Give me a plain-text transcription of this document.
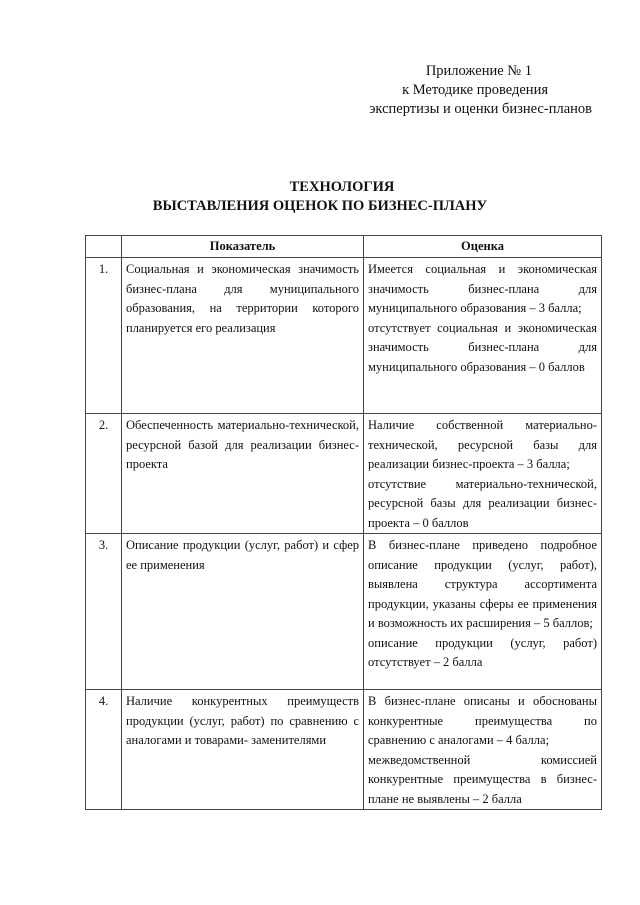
Приложение № 1
к Методике проведения
экспертизы и оценки бизнес-планов
ТЕХНОЛОГИЯ
ВЫСТАВЛЕНИЯ ОЦЕНОК ПО БИЗНЕС-ПЛАНУ
	Показатель	Оценка
1.	Социальная и экономическая значимость бизнес-плана для муниципального образования, на территории которого планируется его реализация	Имеется социальная и экономическая значимость бизнес-плана для муниципального образования – 3 балла;
отсутствует социальная и экономическая значимость бизнес-плана для муниципального образования – 0 баллов

2.	Обеспеченность материально-технической, ресурсной базой для реализации бизнес-проекта	Наличие собственной материально-технической, ресурсной базы для реализации бизнес-проекта – 3 балла;
отсутствие материально-технической, ресурсной базы для реализации бизнес-проекта – 0 баллов

3.	Описание продукции (услуг, работ) и сфер ее применения	В бизнес-плане приведено подробное описание продукции (услуг, работ), выявлена структура ассортимента продукции, указаны сферы ее применения и возможность их расширения – 5 баллов;
описание продукции (услуг, работ) отсутствует – 2 балла

4.	Наличие конкурентных преимуществ продукции (услуг, работ) по сравнению с аналогами и товарами- заменителями	В бизнес-плане описаны и обоснованы конкурентные преимущества по сравнению с аналогами – 4 балла;
межведомственной комиссией конкурентные преимущества в бизнес-плане не выявлены – 2 балла
